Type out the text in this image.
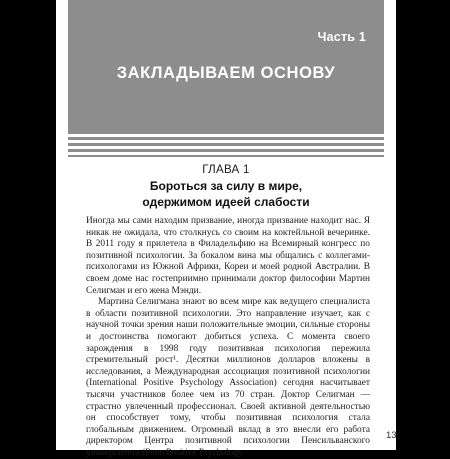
Часть 1
ЗАКЛАДЫВАЕМ ОСНОВУ
ГЛАВА 1
Бороться за силу в мире,
одержимом идеей слабости

Иногда мы сами находим призвание, иногда призвание находит нас. Я никак не ожидала, что столкнусь со своим на коктейльной вечеринке. В 2011 году я прилетела в Филадельфию на Всемирный конгресс по позитивной психологии. За бокалом вина мы общались с коллегами-психологами из Южной Африки, Кореи и моей родной Австралии. В своем доме нас гостеприимно принимали доктор философии Мартин Селигман и его жена Мэнди.

Мартина Селигмана знают во всем мире как ведущего специалиста в области позитивной психологии. Это направление изучает, как с научной точки зрения наши положительные эмоции, сильные стороны и достоинства помогают добиться успеха. С момента своего зарождения в 1998 году позитивная психология пережила стремительный рост¹. Десятки миллионов долларов вложены в исследования, а Международная ассоциация позитивной психологии (International Positive Psychology Association) сегодня насчитывает тысячи участников более чем из 70 стран. Доктор Селигман — страстно увлеченный профессионал. Своей активной деятельностью он способствует тому, чтобы позитивная психология стала глобальным движением. Огромный вклад в это внесли его работа директором Центра позитивной психологии Пенсильванского университета (Penn Positive Psychology

13
